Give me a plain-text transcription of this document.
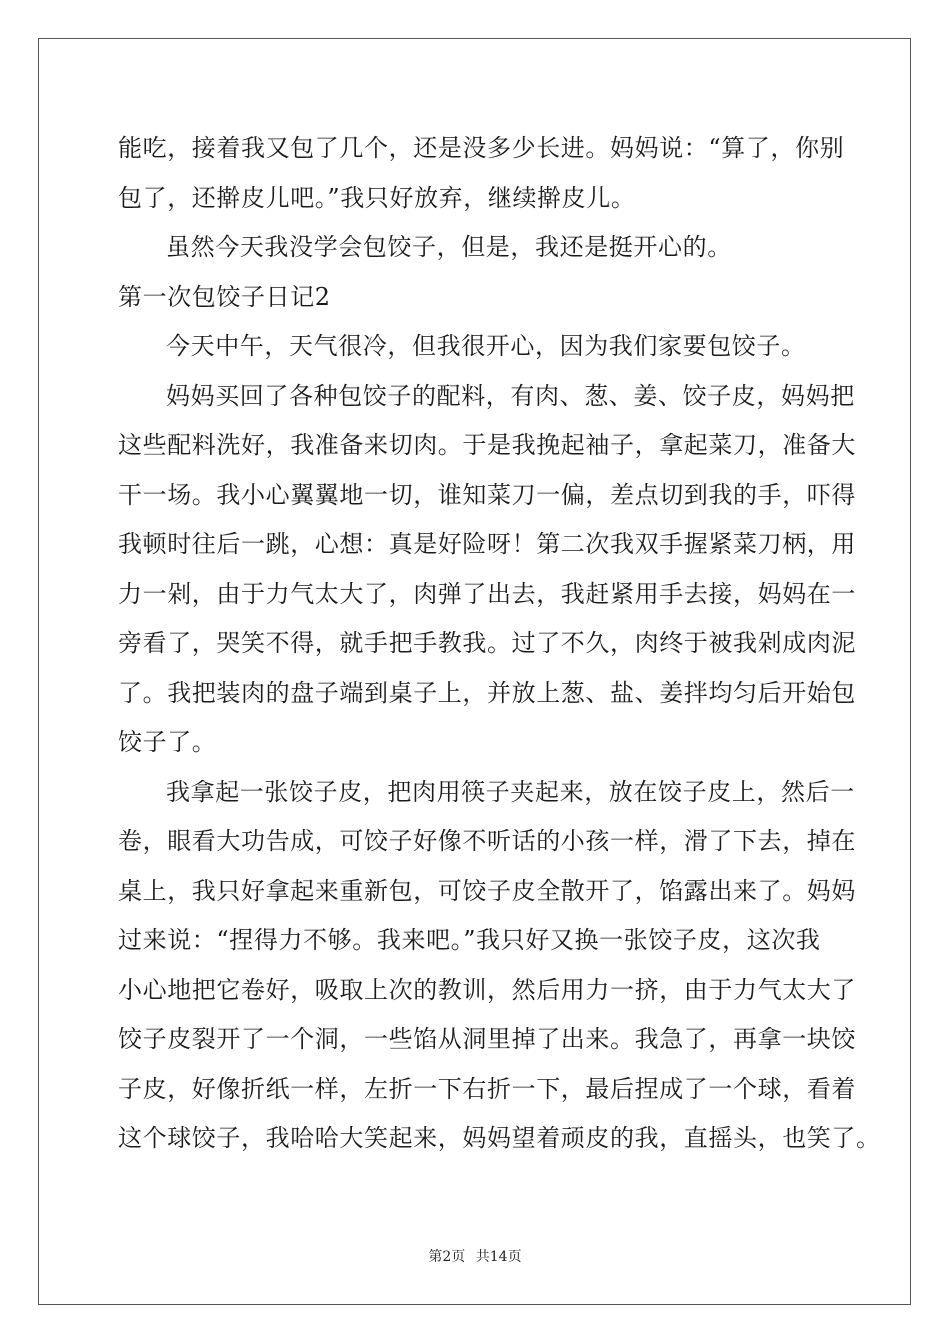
能吃，接着我又包了几个，还是没多少长进。妈妈说：“算了，你别
包了，还擀皮儿吧。”我只好放弃，继续擀皮儿。
虽然今天我没学会包饺子，但是，我还是挺开心的。
第一次包饺子日记2
今天中午，天气很冷，但我很开心，因为我们家要包饺子。
妈妈买回了各种包饺子的配料，有肉、葱、姜、饺子皮，妈妈把
这些配料洗好，我准备来切肉。于是我挽起袖子，拿起菜刀，准备大
干一场。我小心翼翼地一切，谁知菜刀一偏，差点切到我的手，吓得
我顿时往后一跳，心想：真是好险呀！第二次我双手握紧菜刀柄，用
力一剁，由于力气太大了，肉弹了出去，我赶紧用手去接，妈妈在一
旁看了，哭笑不得，就手把手教我。过了不久，肉终于被我剁成肉泥
了。我把装肉的盘子端到桌子上，并放上葱、盐、姜拌均匀后开始包
饺子了。
我拿起一张饺子皮，把肉用筷子夹起来，放在饺子皮上，然后一
卷，眼看大功告成，可饺子好像不听话的小孩一样，滑了下去，掉在
桌上，我只好拿起来重新包，可饺子皮全散开了，馅露出来了。妈妈
过来说：“捏得力不够。我来吧。”我只好又换一张饺子皮，这次我
小心地把它卷好，吸取上次的教训，然后用力一挤，由于力气太大了
饺子皮裂开了一个洞，一些馅从洞里掉了出来。我急了，再拿一块饺
子皮，好像折纸一样，左折一下右折一下，最后捏成了一个球，看着
这个球饺子，我哈哈大笑起来，妈妈望着顽皮的我，直摇头，也笑了。
第2页 共14页
